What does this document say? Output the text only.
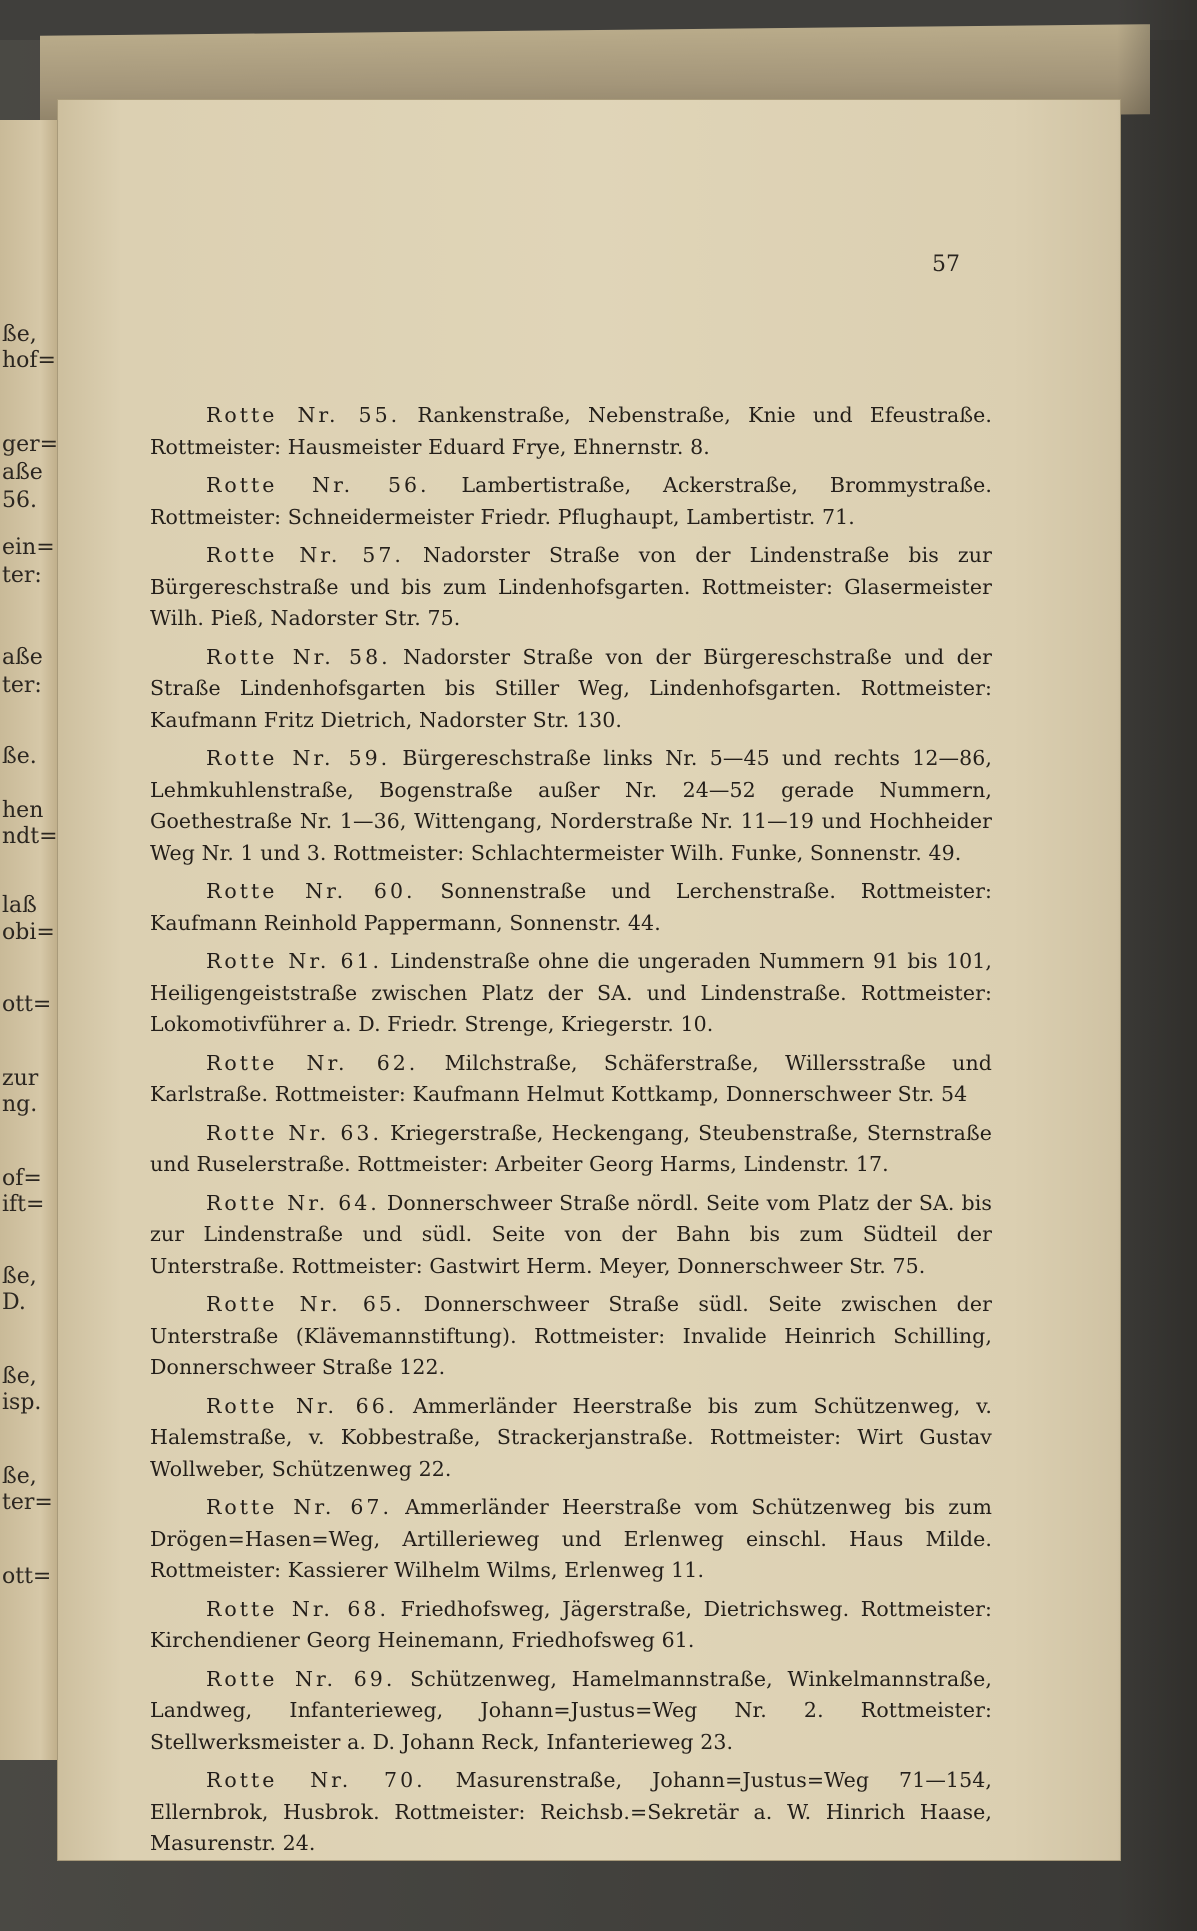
ße,
hof=
ger=
aße
56.
ein=
ter:
aße
ter:
ße.
hen
ndt=
laß
obi=
ott=
zur
ng.
of=
ift=
ße,
D.
ße,
isp.
ße,
ter=
ott=
57

Rotte Nr. 55. Rankenstraße, Nebenstraße, Knie und Efeustraße. Rottmeister: Hausmeister Eduard Frye, Ehnernstr. 8.

Rotte Nr. 56. Lambertistraße, Ackerstraße, Brommystraße. Rottmeister: Schneidermeister Friedr. Pflughaupt, Lambertistr. 71.

Rotte Nr. 57. Nadorster Straße von der Lindenstraße bis zur Bürgereschstraße und bis zum Lindenhofsgarten. Rottmeister: Glasermeister Wilh. Pieß, Nadorster Str. 75.

Rotte Nr. 58. Nadorster Straße von der Bürgereschstraße und der Straße Lindenhofsgarten bis Stiller Weg, Lindenhofsgarten. Rottmeister: Kaufmann Fritz Dietrich, Nadorster Str. 130.

Rotte Nr. 59. Bürgereschstraße links Nr. 5—45 und rechts 12—86, Lehmkuhlenstraße, Bogenstraße außer Nr. 24—52 gerade Nummern, Goethestraße Nr. 1—36, Wittengang, Norderstraße Nr. 11—19 und Hochheider Weg Nr. 1 und 3. Rottmeister: Schlachtermeister Wilh. Funke, Sonnenstr. 49.

Rotte Nr. 60. Sonnenstraße und Lerchenstraße. Rottmeister: Kaufmann Reinhold Pappermann, Sonnenstr. 44.

Rotte Nr. 61. Lindenstraße ohne die ungeraden Nummern 91 bis 101, Heiligengeiststraße zwischen Platz der SA. und Lindenstraße. Rottmeister: Lokomotivführer a. D. Friedr. Strenge, Kriegerstr. 10.

Rotte Nr. 62. Milchstraße, Schäferstraße, Willersstraße und Karlstraße. Rottmeister: Kaufmann Helmut Kottkamp, Donnerschweer Str. 54

Rotte Nr. 63. Kriegerstraße, Heckengang, Steubenstraße, Sternstraße und Ruselerstraße. Rottmeister: Arbeiter Georg Harms, Lindenstr. 17.

Rotte Nr. 64. Donnerschweer Straße nördl. Seite vom Platz der SA. bis zur Lindenstraße und südl. Seite von der Bahn bis zum Südteil der Unterstraße. Rottmeister: Gastwirt Herm. Meyer, Donnerschweer Str. 75.

Rotte Nr. 65. Donnerschweer Straße südl. Seite zwischen der Unterstraße (Klävemannstiftung). Rottmeister: Invalide Heinrich Schilling, Donnerschweer Straße 122.

Rotte Nr. 66. Ammerländer Heerstraße bis zum Schützenweg, v. Halemstraße, v. Kobbestraße, Strackerjanstraße. Rottmeister: Wirt Gustav Wollweber, Schützenweg 22.

Rotte Nr. 67. Ammerländer Heerstraße vom Schützenweg bis zum Drögen=Hasen=Weg, Artillerieweg und Erlenweg einschl. Haus Milde. Rottmeister: Kassierer Wilhelm Wilms, Erlenweg 11.

Rotte Nr. 68. Friedhofsweg, Jägerstraße, Dietrichsweg. Rottmeister: Kirchendiener Georg Heinemann, Friedhofsweg 61.

Rotte Nr. 69. Schützenweg, Hamelmannstraße, Winkelmannstraße, Landweg, Infanterieweg, Johann=Justus=Weg Nr. 2. Rottmeister: Stellwerksmeister a. D. Johann Reck, Infanterieweg 23.

Rotte Nr. 70. Masurenstraße, Johann=Justus=Weg 71—154, Ellernbrok, Husbrok. Rottmeister: Reichsb.=Sekretär a. W. Hinrich Haase, Masurenstr. 24.
